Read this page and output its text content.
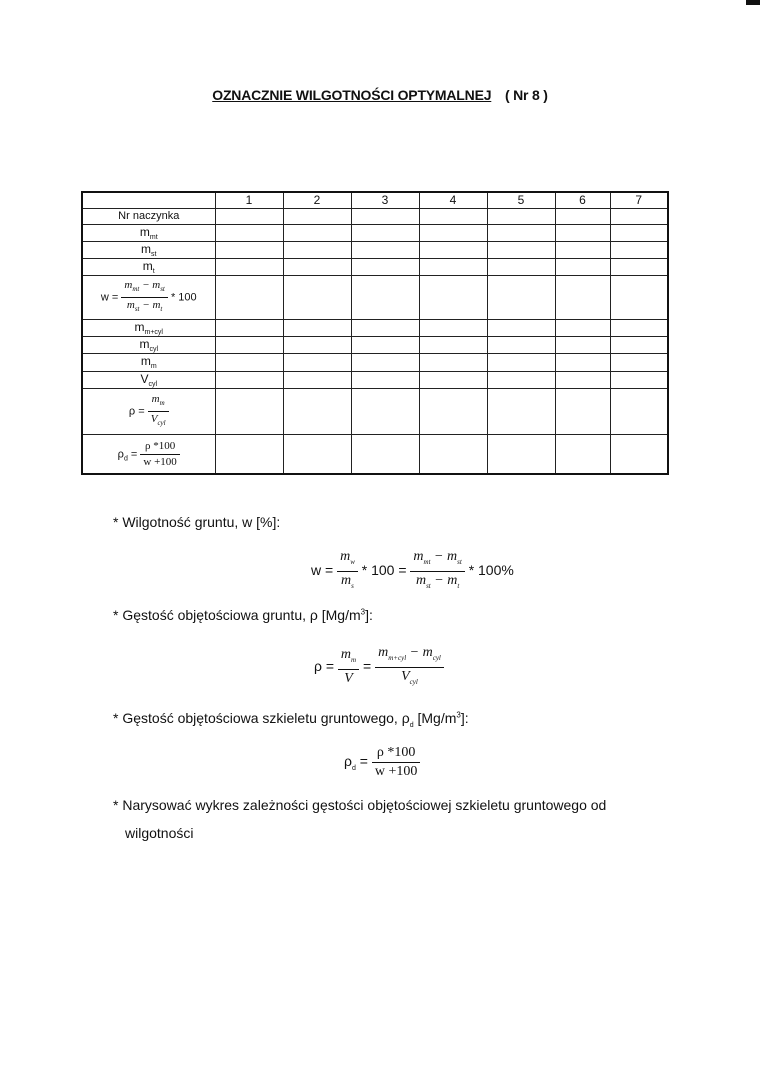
OZNACZNIE WILGOTNOŚCI OPTYMALNEJ ( Nr 8 )
	1	2	3	4	5	6	7
Nr naczynka							
$m_{mt}$							
$m_{st}$							
$m_t$							
$w = \frac{m_{mt} - m_{st}}{m_{st} - m_t} * 100$							
$m_{m+cyl}$							
$m_{cyl}$							
$m_m$							
$V_{cyl}$							
$\rho = \frac{m_m}{V_{cyl}}$

$\rho_d = \frac{\rho *100}{w +100}$

* Wilgotność gruntu, w [%]:
$w = \frac{m_w}{m_s} * 100 = \frac{m_{mt} - m_{st}}{m_{st} - m_t} * 100\%$
* Gęstość objętościowa gruntu, ρ $[Mg/m^3]$:
$\rho = \frac{m_m}{V} = \frac{m_{m+cyl} - m_{cyl}}{V_{cyl}}$
* Gęstość objętościowa szkieletu gruntowego, $\rho_d$ $[Mg/m^3]$:
$\rho_d = \frac{\rho *100}{w +100}$
* Narysować wykres zależności gęstości objętościowej szkieletu gruntowego od
wilgotności
